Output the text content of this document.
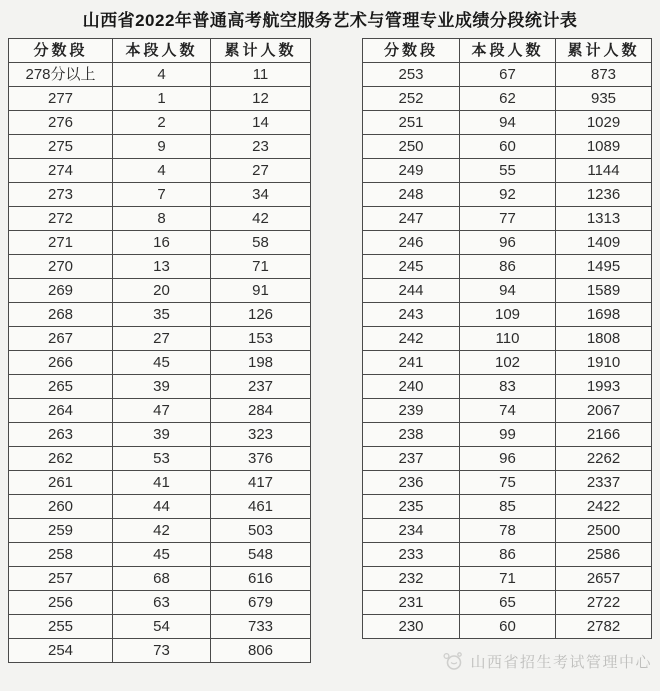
山西省2022年普通高考航空服务艺术与管理专业成绩分段统计表
分数段	本段人数	累计人数
278分以上	4	11
277	1	12
276	2	14
275	9	23
274	4	27
273	7	34
272	8	42
271	16	58
270	13	71
269	20	91
268	35	126
267	27	153
266	45	198
265	39	237
264	47	284
263	39	323
262	53	376
261	41	417
260	44	461
259	42	503
258	45	548
257	68	616
256	63	679
255	54	733
254	73	806
分数段	本段人数	累计人数
253	67	873
252	62	935
251	94	1029
250	60	1089
249	55	1144
248	92	1236
247	77	1313
246	96	1409
245	86	1495
244	94	1589
243	109	1698
242	110	1808
241	102	1910
240	83	1993
239	74	2067
238	99	2166
237	96	2262
236	75	2337
235	85	2422
234	78	2500
233	86	2586
232	71	2657
231	65	2722
230	60	2782
山西省招生考试管理中心
